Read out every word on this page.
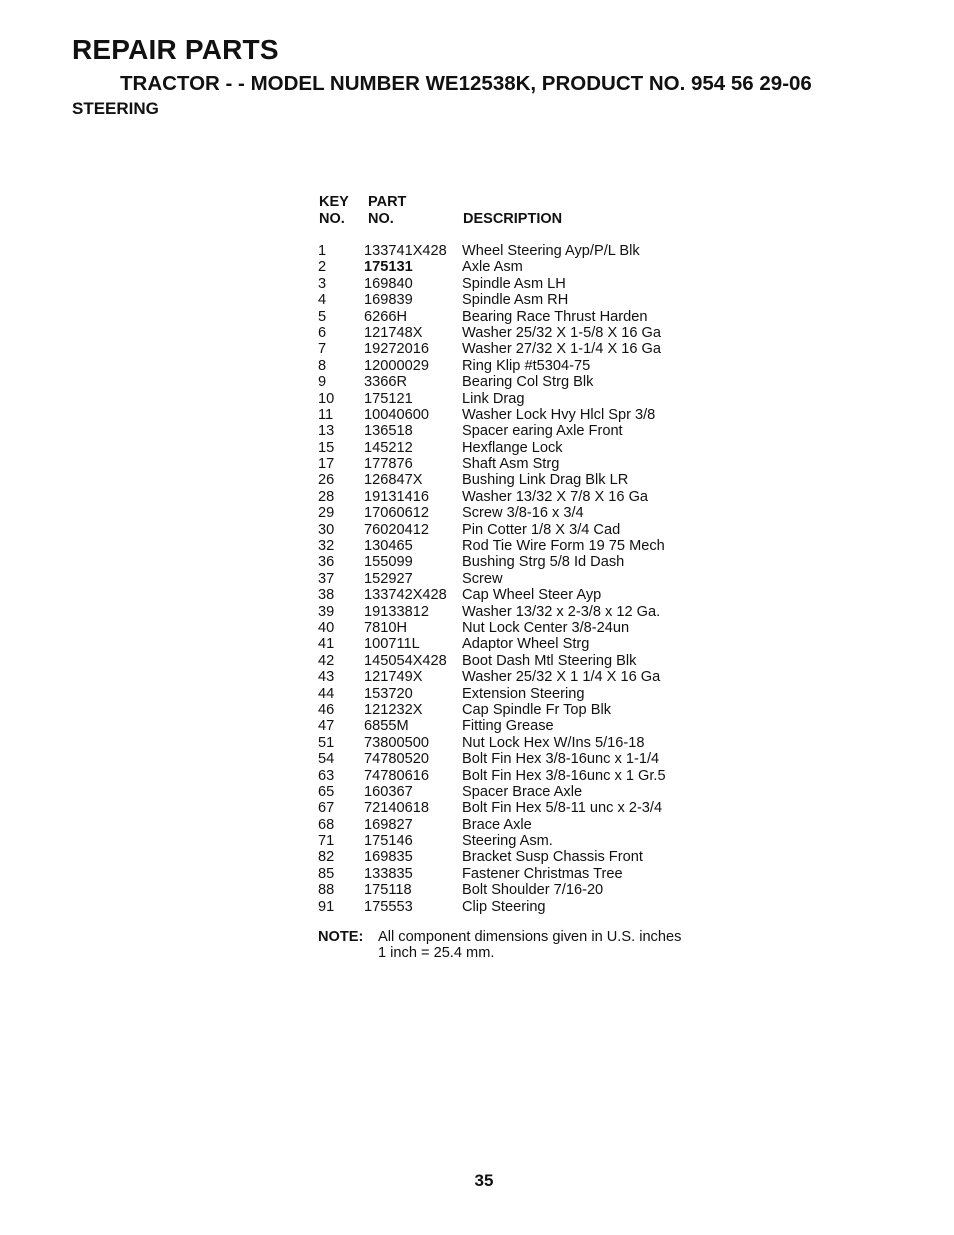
REPAIR PARTS
TRACTOR - - MODEL NUMBER WE12538K, PRODUCT NO. 954 56 29-06
STEERING
KEY
NO.
PART
NO.	DESCRIPTION
1	133741X428 Wheel Steering Ayp/P/L Blk
2	175131	Axle Asm
3	169840	Spindle Asm LH
4	169839	Spindle Asm RH
5	6266H	Bearing Race Thrust Harden
6	121748X	Washer 25/32 X 1-5/8 X 16 Ga
7	19272016 Washer 27/32 X 1-1/4 X 16 Ga
8	12000029 Ring Klip #t5304-75
9	3366R	Bearing Col Strg Blk
10 175121	Link Drag
11 10040600 Washer Lock Hvy Hlcl Spr 3/8
13 136518	Spacer earing Axle Front
15 145212	Hexflange Lock
17 177876	Shaft Asm Strg
26 126847X	Bushing Link Drag Blk LR
28 19131416 Washer 13/32 X 7/8 X 16 Ga
29 17060612 Screw 3/8-16 x 3/4
30 76020412 Pin Cotter 1/8 X 3/4 Cad
32 130465	Rod Tie Wire Form 19 75 Mech
36 155099	Bushing Strg 5/8 Id Dash
37 152927	Screw
38 133742X428 Cap Wheel Steer Ayp
39 19133812 Washer 13/32 x 2-3/8 x 12 Ga.
40 7810H	Nut Lock Center 3/8-24un
41 100711L	Adaptor Wheel Strg
42 145054X428 Boot Dash Mtl Steering Blk
43 121749X	Washer 25/32 X 1 1/4 X 16 Ga
44 153720	Extension Steering
46 121232X	Cap Spindle Fr Top Blk
47 6855M	Fitting Grease
51 73800500 Nut Lock Hex W/Ins 5/16-18
54 74780520 Bolt Fin Hex 3/8-16unc x 1-1/4
63 74780616 Bolt Fin Hex 3/8-16unc x 1 Gr.5
65 160367	Spacer Brace Axle
67 72140618 Bolt Fin Hex 5/8-11 unc x 2-3/4
68 169827	Brace Axle
71 175146	Steering Asm.
82 169835	Bracket Susp Chassis Front
85 133835	Fastener Christmas Tree
88 175118	Bolt Shoulder 7/16-20
91 175553	Clip Steering
NOTE: All component dimensions given in U.S. inches
1 inch = 25.4 mm.
35
